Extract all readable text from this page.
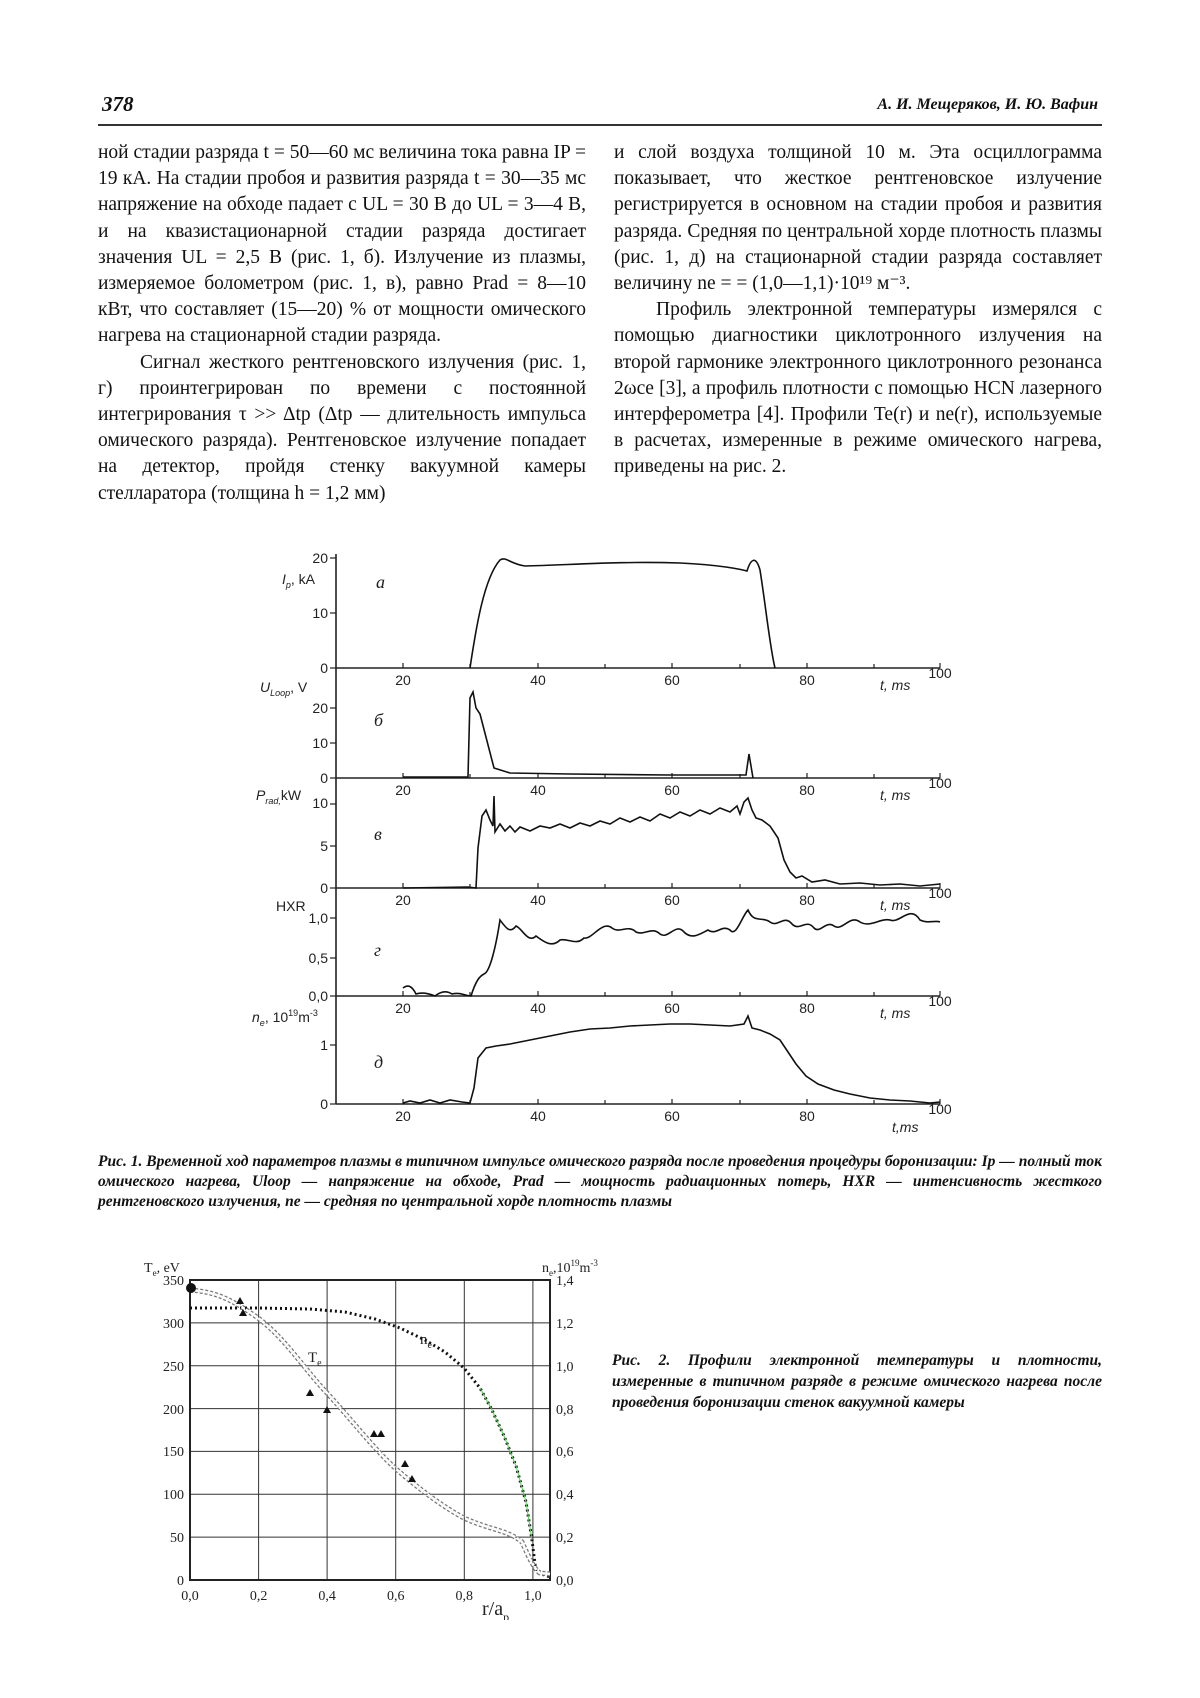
378	А. И. Мещеряков, И. Ю. Вафин

ной стадии разряда t = 50—60 мс величина тока равна IP = 19 кА. На стадии пробоя и развития разряда t = 30—35 мс напряжение на обходе падает с UL = 30 В до UL = 3—4 В, и на квазистационарной стадии разряда достигает значения UL = 2,5 В (рис. 1, б). Излучение из плазмы, измеряемое болометром (рис. 1, в), равно Prad = 8—10 кВт, что составляет (15—20) % от мощности омического нагрева на стационарной стадии разряда.

Сигнал жесткого рентгеновского излучения (рис. 1, г) проинтегрирован по времени с постоянной интегрирования τ >> Δtp (Δtp — длительность импульса омического разряда). Рентгеновское излучение попадает на детектор, пройдя стенку вакуумной камеры стелларатора (толщина h = 1,2 мм)

и слой воздуха толщиной 10 м. Эта осциллограмма показывает, что жесткое рентгеновское излучение регистрируется в основном на стадии пробоя и развития разряда. Средняя по центральной хорде плотность плазмы (рис. 1, д) на стационарной стадии разряда составляет величину ne = = (1,0—1,1)·10¹⁹ м⁻³.

Профиль электронной температуры измерялся с помощью диагностики циклотронного излучения на второй гармонике электронного циклотронного резонанса 2ωce [3], а профиль плотности с помощью HCN лазерного интерферометра [4]. Профили Te(r) и ne(r), используемые в расчетах, измеренные в режиме омического нагрева, приведены на рис. 2.

20
10
0
20
10
0
5
10
0
1,0
0,5
0,0
1
0
$I_p$, kA
$U_{Loop}$, V
$P_{rad,}kW$
HXR
$n_e$, $10^{19}m^{-3}$
а
б
в
г
д
20	40	60	80
20	40	60	80
20	40	60	80
20	40	60	80
20	40	60	80
100
100
100
100
100
t, ms
t, ms
t, ms
t, ms
t,ms
Рис. 1. Временной ход параметров плазмы в типичном импульсе омического разряда после проведения процедуры боронизации: Ip — полный ток омического нагрева, Uloop — напряжение на обходе, Prad — мощность радиационных потерь, HXR — интенсивность жесткого рентгеновского излучения, ne — средняя по центральной хорде плотность плазмы
350
300
250
200
150
100
50
0
1,4
1,2
1,0
0,8
0,6
0,4
0,2
0,0
0,0	0,2	0,4	0,6	0,8	1,0
$T_e$, eV	$n_e,10^{19}m^{-3}$
$r/a_p$
$T_e$
$n_e$
Рис. 2. Профили электронной температуры и плотности, измеренные в типичном разряде в режиме омического нагрева после проведения боронизации стенок вакуумной камеры
